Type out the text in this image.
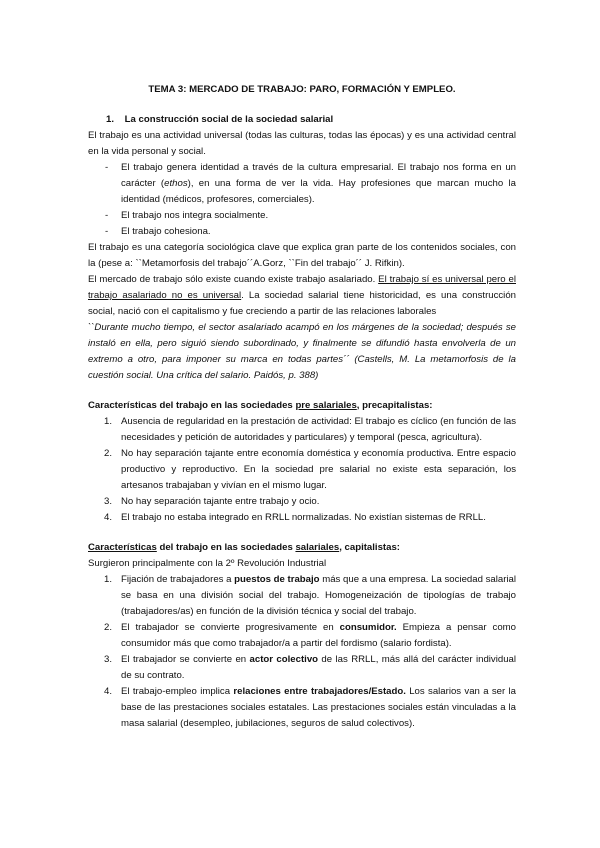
TEMA 3: MERCADO DE TRABAJO: PARO, FORMACIÓN Y EMPLEO.
1. La construcción social de la sociedad salarial

El trabajo es una actividad universal (todas las culturas, todas las épocas) y es una actividad central en la vida personal y social.

- El trabajo genera identidad a través de la cultura empresarial. El trabajo nos forma en un carácter (ethos), en una forma de ver la vida. Hay profesiones que marcan mucho la identidad (médicos, profesores, comerciales).
- El trabajo nos integra socialmente.
- El trabajo cohesiona.

El trabajo es una categoría sociológica clave que explica gran parte de los contenidos sociales, con la (pese a: ``Metamorfosis del trabajo´´A.Gorz, ``Fin del trabajo´´ J. Rifkin).

El mercado de trabajo sólo existe cuando existe trabajo asalariado. El trabajo sí es universal pero el trabajo asalariado no es universal. La sociedad salarial tiene historicidad, es una construcción social, nació con el capitalismo y fue creciendo a partir de las relaciones laborales

``Durante mucho tiempo, el sector asalariado acampó en los márgenes de la sociedad; después se instaló en ella, pero siguió siendo subordinado, y finalmente se difundió hasta envolverla de un extremo a otro, para imponer su marca en todas partes´´ (Castells, M. La metamorfosis de la cuestión social. Una crítica del salario. Paidós, p. 388)

Características del trabajo en las sociedades pre salariales, precapitalistas:
1. Ausencia de regularidad en la prestación de actividad: El trabajo es cíclico (en función de las necesidades y petición de autoridades y particulares) y temporal (pesca, agricultura).
2. No hay separación tajante entre economía doméstica y economía productiva. Entre espacio productivo y reproductivo. En la sociedad pre salarial no existe esta separación, los artesanos trabajaban y vivían en el mismo lugar.
3. No hay separación tajante entre trabajo y ocio.
4. El trabajo no estaba integrado en RRLL normalizadas. No existían sistemas de RRLL.
Características del trabajo en las sociedades salariales, capitalistas:

Surgieron principalmente con la 2º Revolución Industrial

1. Fijación de trabajadores a puestos de trabajo más que a una empresa. La sociedad salarial se basa en una división social del trabajo. Homogeneización de tipologías de trabajo (trabajadores/as) en función de la división técnica y social del trabajo.
2. El trabajador se convierte progresivamente en consumidor. Empieza a pensar como consumidor más que como trabajador/a a partir del fordismo (salario fordista).
3. El trabajador se convierte en actor colectivo de las RRLL, más allá del carácter individual de su contrato.
4. El trabajo-empleo implica relaciones entre trabajadores/Estado. Los salarios van a ser la base de las prestaciones sociales estatales. Las prestaciones sociales están vinculadas a la masa salarial (desempleo, jubilaciones, seguros de salud colectivos).
